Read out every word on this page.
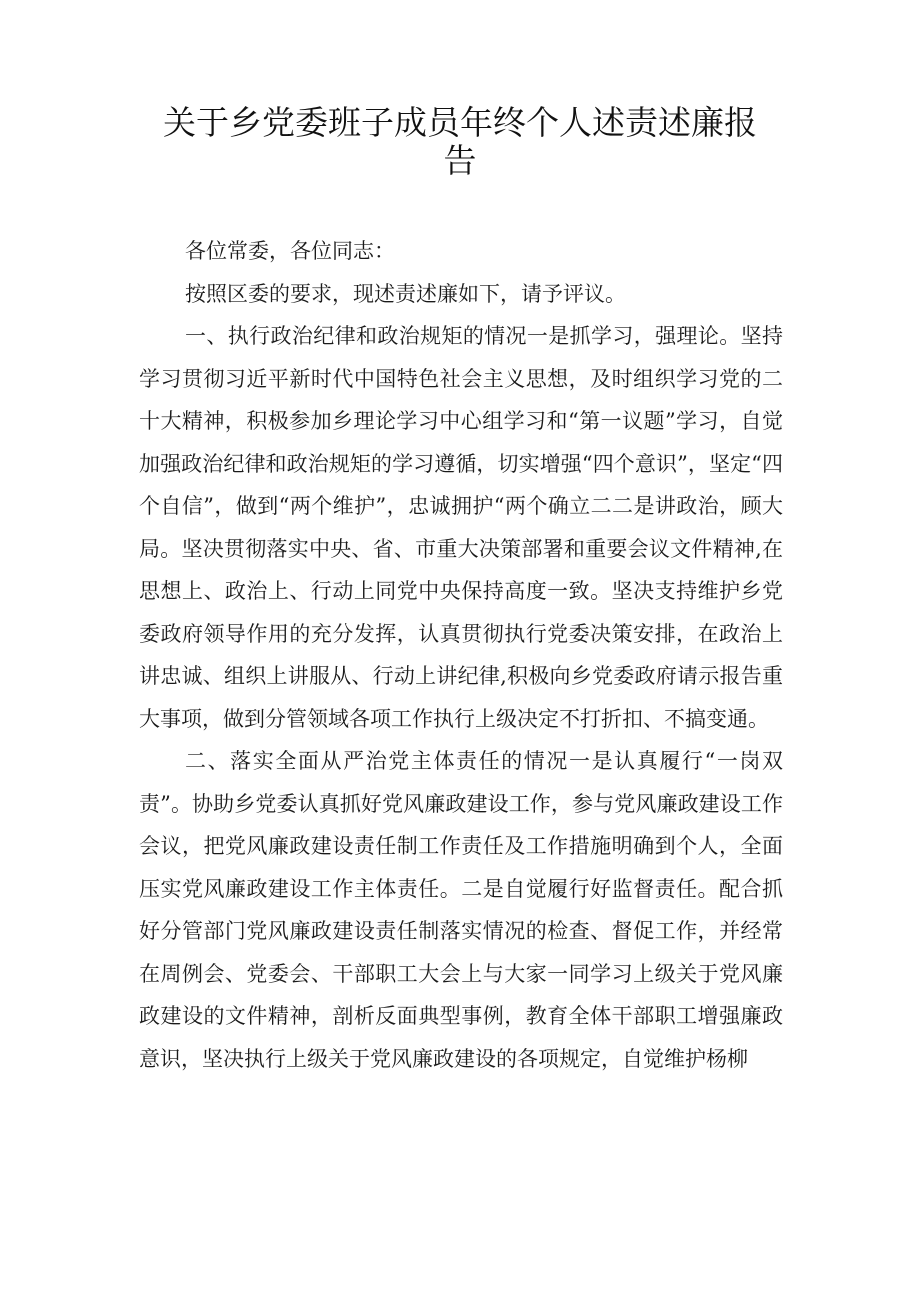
关于乡党委班子成员年终个人述责述廉报告

各位常委，各位同志：

按照区委的要求，现述责述廉如下，请予评议。

一、执行政治纪律和政治规矩的情况一是抓学习，强理论。坚持学习贯彻习近平新时代中国特色社会主义思想，及时组织学习党的二十大精神，积极参加乡理论学习中心组学习和“第一议题”学习，自觉加强政治纪律和政治规矩的学习遵循，切实增强“四个意识”，坚定“四个自信”，做到“两个维护”，忠诚拥护“两个确立二二是讲政治，顾大局。坚决贯彻落实中央、省、市重大决策部署和重要会议文件精神,在思想上、政治上、行动上同党中央保持高度一致。坚决支持维护乡党委政府领导作用的充分发挥，认真贯彻执行党委决策安排，在政治上讲忠诚、组织上讲服从、行动上讲纪律,积极向乡党委政府请示报告重大事项，做到分管领域各项工作执行上级决定不打折扣、不搞变通。

二、落实全面从严治党主体责任的情况一是认真履行“一岗双责”。协助乡党委认真抓好党风廉政建设工作，参与党风廉政建设工作会议，把党风廉政建设责任制工作责任及工作措施明确到个人，全面压实党风廉政建设工作主体责任。二是自觉履行好监督责任。配合抓好分管部门党风廉政建设责任制落实情况的检查、督促工作，并经常在周例会、党委会、干部职工大会上与大家一同学习上级关于党风廉政建设的文件精神，剖析反面典型事例，教育全体干部职工增强廉政意识，坚决执行上级关于党风廉政建设的各项规定，自觉维护杨柳
